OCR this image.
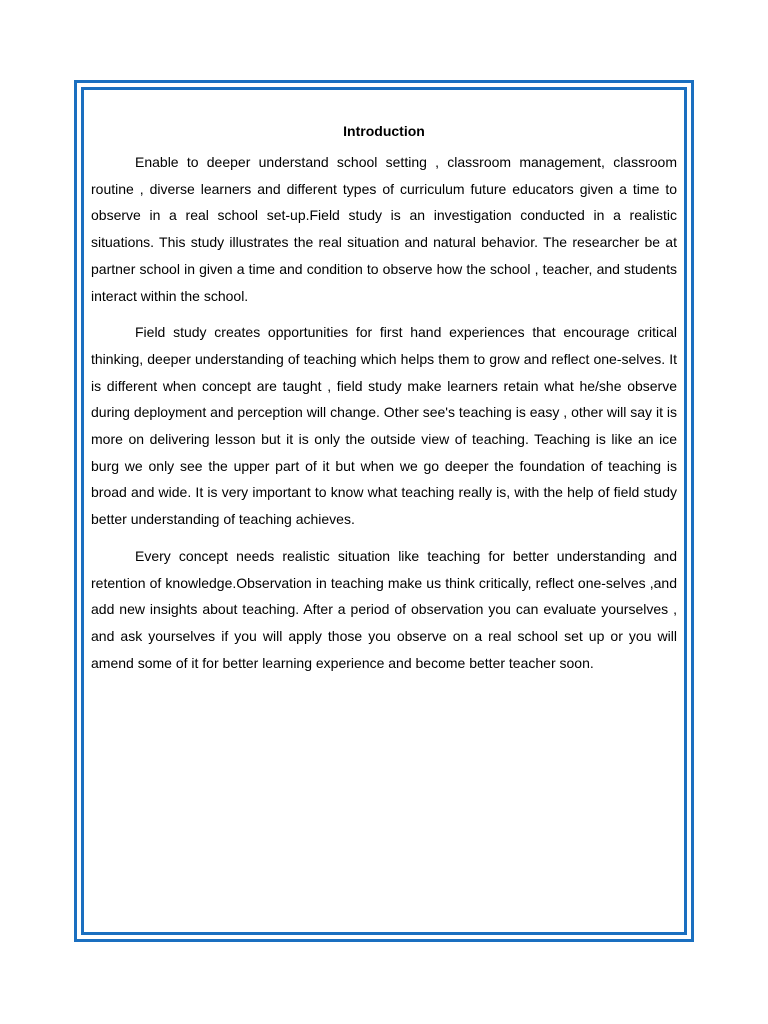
Introduction

Enable to deeper understand school setting , classroom management, classroom routine , diverse learners and different types of curriculum future educators given a time to observe in a real school set-up.Field study is an investigation conducted in a realistic situations. This study illustrates the real situation and natural behavior. The researcher be at partner school in given a time and condition to observe how the school , teacher, and students interact within the school.

Field study creates opportunities for first hand experiences that encourage critical thinking, deeper understanding of teaching which helps them to grow and reflect one-selves. It is different when concept are taught , field study make learners retain what he/she observe during deployment and perception will change. Other see's teaching is easy , other will say it is more on delivering lesson but it is only the outside view of teaching. Teaching is like an ice burg we only see the upper part of it but when we go deeper the foundation of teaching is broad and wide. It is very important to know what teaching really is, with the help of field study better understanding of teaching achieves.

Every concept needs realistic situation like teaching for better understanding and retention of knowledge.Observation in teaching make us think critically, reflect one-selves ,and add new insights about teaching. After a period of observation you can evaluate yourselves , and ask yourselves if you will apply those you observe on a real school set up or you will amend some of it for better learning experience and become better teacher soon.
